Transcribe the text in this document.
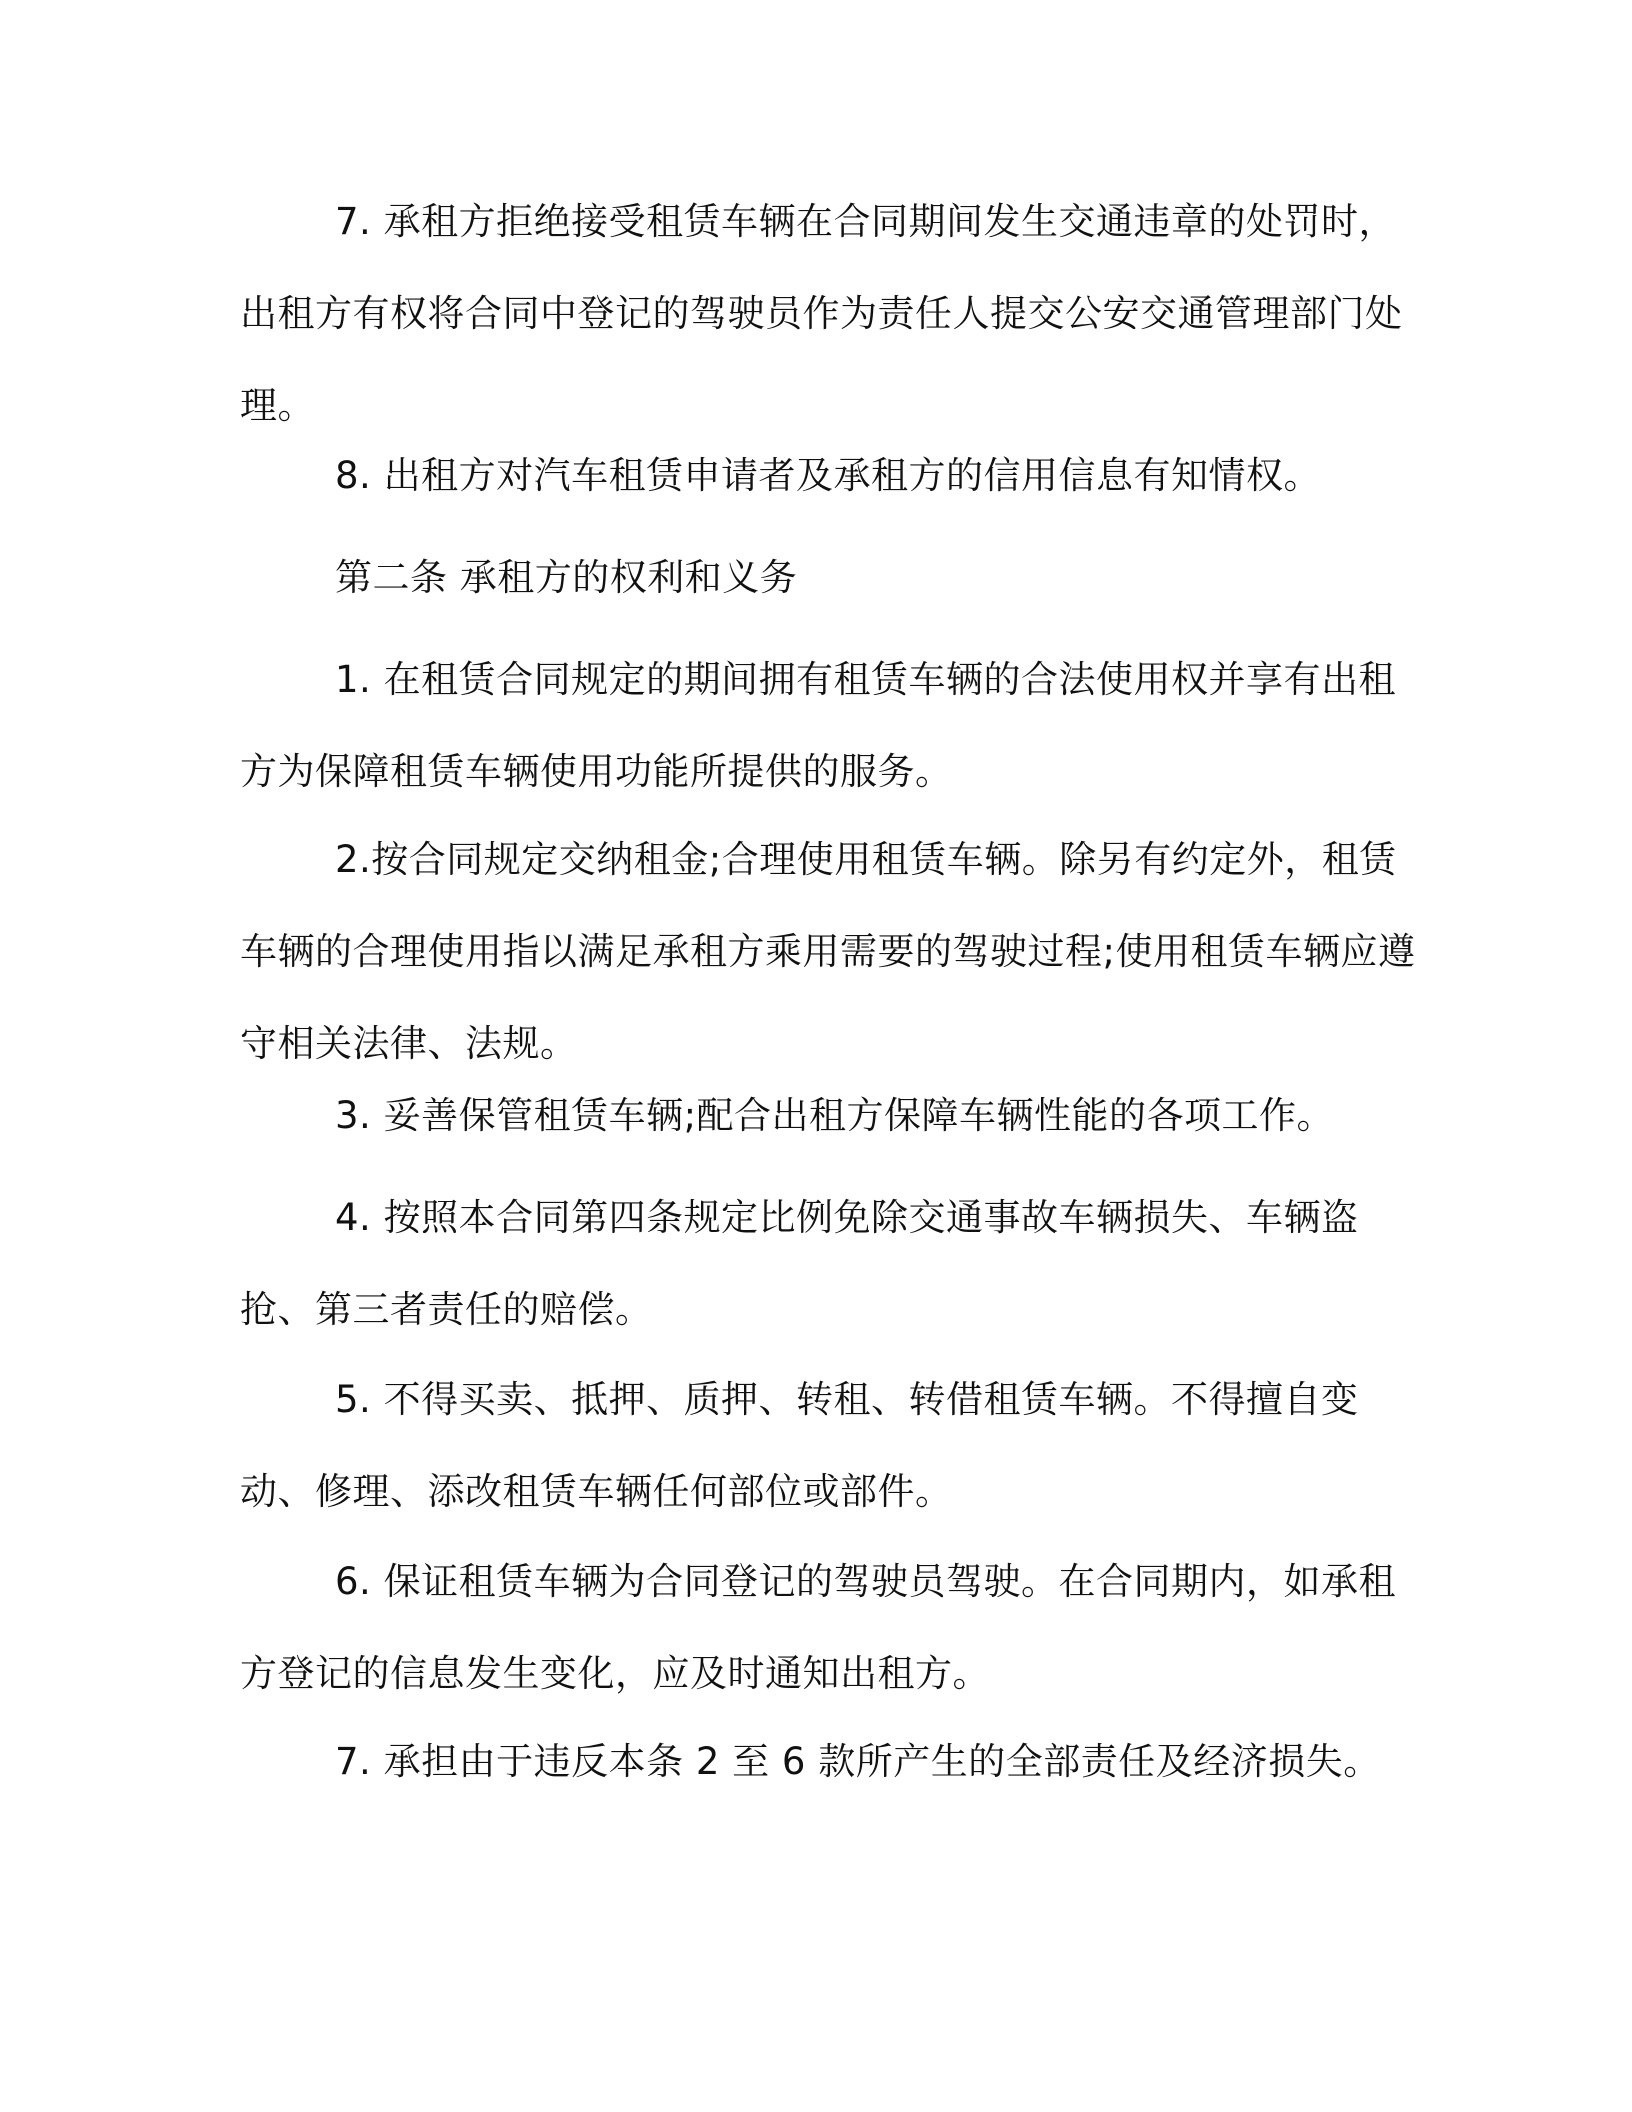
7. 承租方拒绝接受租赁车辆在合同期间发生交通违章的处罚时，出租方有权将合同中登记的驾驶员作为责任人提交公安交通管理部门处理。

8. 出租方对汽车租赁申请者及承租方的信用信息有知情权。

第二条 承租方的权利和义务

1. 在租赁合同规定的期间拥有租赁车辆的合法使用权并享有出租方为保障租赁车辆使用功能所提供的服务。

2.按合同规定交纳租金;合理使用租赁车辆。除另有约定外，租赁车辆的合理使用指以满足承租方乘用需要的驾驶过程;使用租赁车辆应遵守相关法律、法规。

3. 妥善保管租赁车辆;配合出租方保障车辆性能的各项工作。

4. 按照本合同第四条规定比例免除交通事故车辆损失、车辆盗抢、第三者责任的赔偿。

5. 不得买卖、抵押、质押、转租、转借租赁车辆。不得擅自变动、修理、添改租赁车辆任何部位或部件。

6. 保证租赁车辆为合同登记的驾驶员驾驶。在合同期内，如承租方登记的信息发生变化，应及时通知出租方。

7. 承担由于违反本条 2 至 6 款所产生的全部责任及经济损失。
